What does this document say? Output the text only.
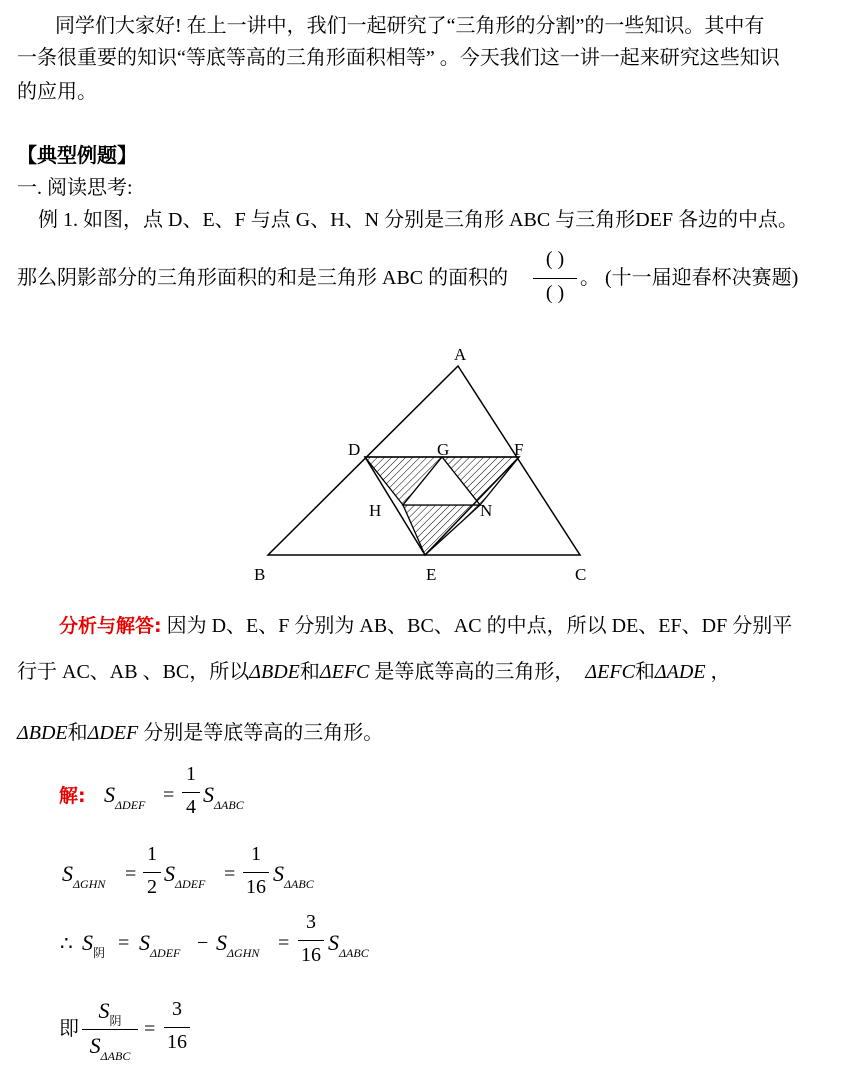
同学们大家好! 在上一讲中，我们一起研究了“三角形的分割”的一些知识。其中有
一条很重要的知识“等底等高的三角形面积相等” 。今天我们这一讲一起来研究这些知识
的应用。
【典型例题】
一. 阅读思考:
例 1. 如图，点 D、E、F 与点 G、H、N 分别是三角形 ABC 与三角形DEF 各边的中点。
那么阴影部分的三角形面积的和是三角形 ABC 的面积的
( )
( )
。 (十一届迎春杯决赛题)
A
B	C
D
E
F
G
H	N
分析与解答: 因为 D、E、F 分别为 AB、BC、AC 的中点，所以 DE、EF、DF 分别平
行于 AC、AB 、BC，所以ΔBDE和ΔEFC 是等底等高的三角形， ΔEFC和ΔADE ，
ΔBDE和ΔDEF 分别是等底等高的三角形。
解: $S_{\Delta DEF}$ =
1
4 $S_{\Delta ABC}$
$S_{\Delta GHN}$ =
1
2
$S_{\Delta DEF}$ =
1
16
$S_{\Delta ABC}$
∴ $S_阴 = S_{\Delta DEF} - S_{\Delta GHN}$ =
3
16 $S_{\Delta ABC}$
即
$S_阴$
$S_{\Delta ABC}$
=
3
16
